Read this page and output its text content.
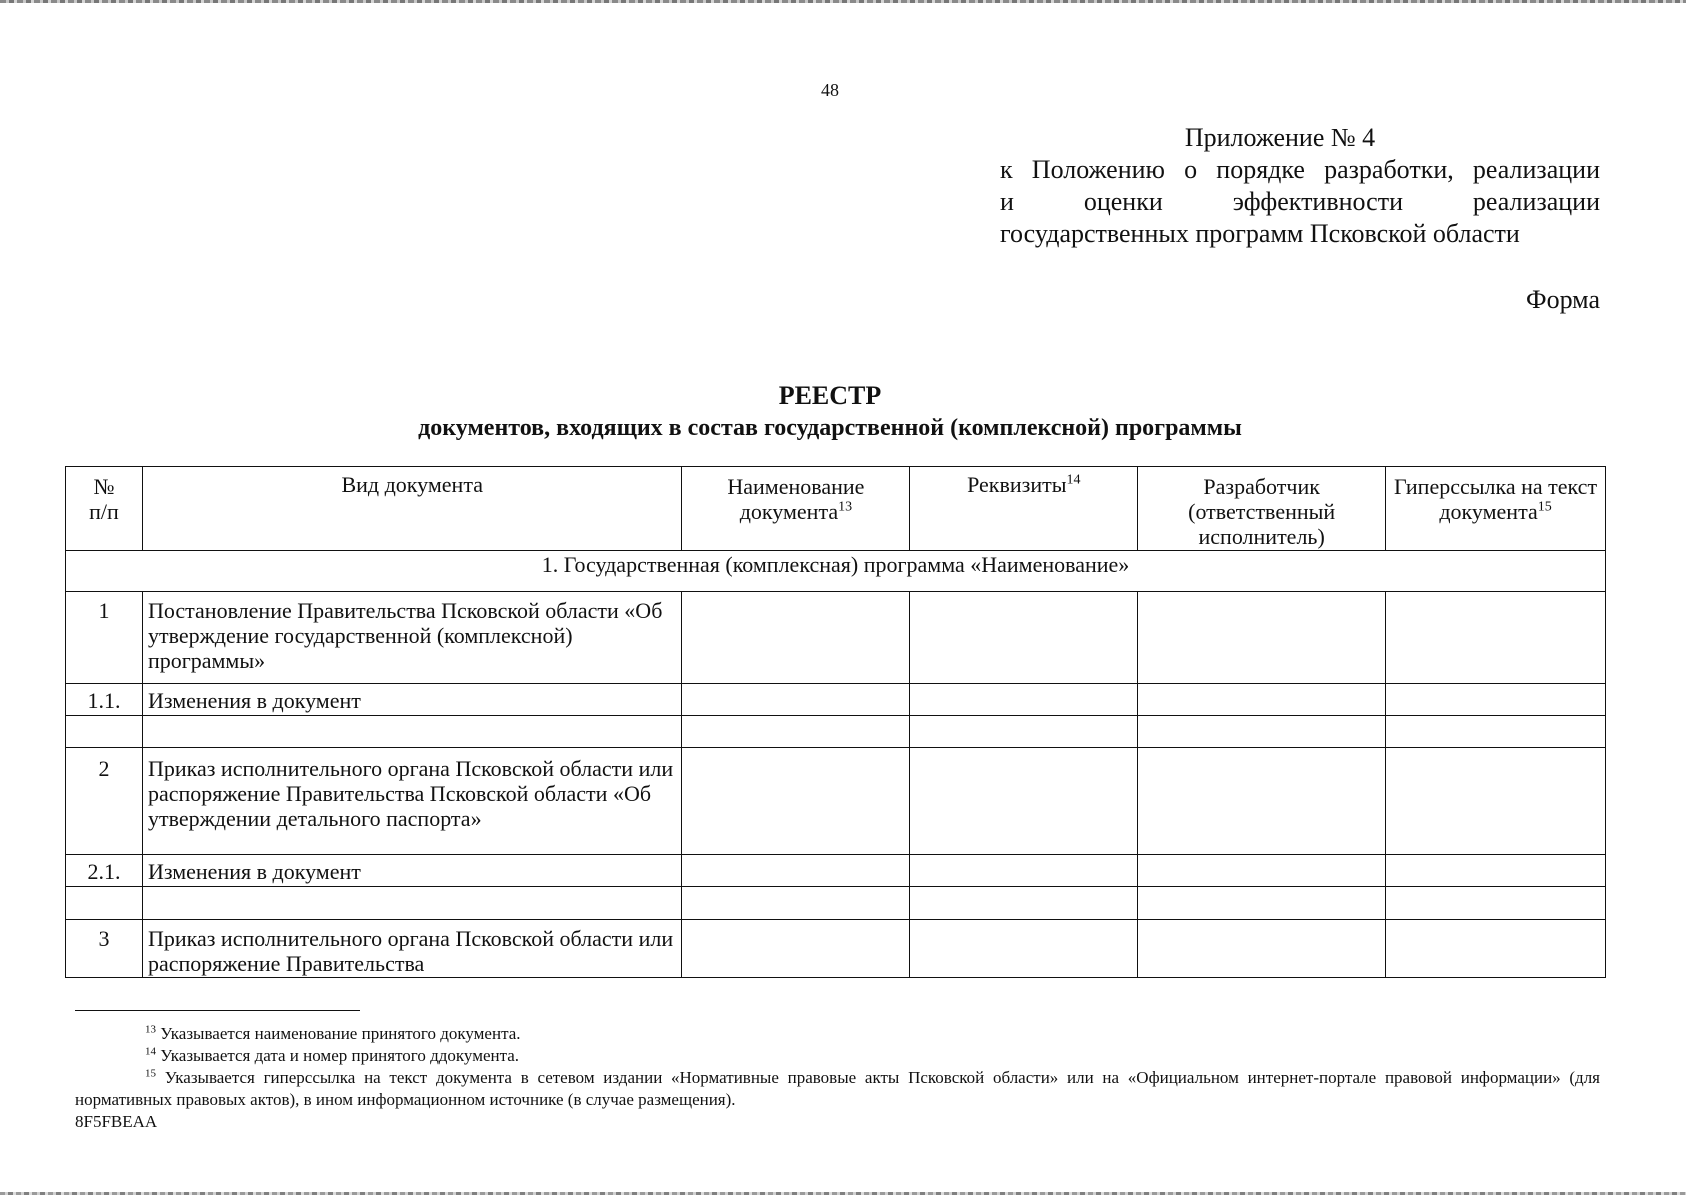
48
Приложение № 4
к Положению о порядке разработки, реализации
и оценки эффективности реализации
государственных программ Псковской области
Форма
РЕЕСТР
документов, входящих в состав государственной (комплексной) программы
№
п/п	Вид документа	Наименование документа$^{13}$	Реквизиты$^{14}$	Разработчик (ответственный исполнитель)	Гиперссылка на текст документа$^{15}$

1. Государственная (комплексная) программа «Наименование»					
1	Постановление Правительства Псковской области «Об утверждение государственной (комплексной) программы»				
1.1.	Изменения в документ				

2	Приказ исполнительного органа Псковской области или распоряжение Правительства Псковской области «Об утверждении детального паспорта»				
2.1.	Изменения в документ				

3	Приказ исполнительного органа Псковской области или распоряжение Правительства				

$^{13}$ Указывается наименование принятого документа.

$^{14}$ Указывается дата и номер принятого ддокумента.

$^{15}$ Указывается гиперссылка на текст документа в сетевом издании «Нормативные правовые акты Псковской области» или на «Официальном интернет-портале правовой информации» (для нормативных правовых актов), в ином информационном источнике (в случае размещения).

8F5FBEAA
